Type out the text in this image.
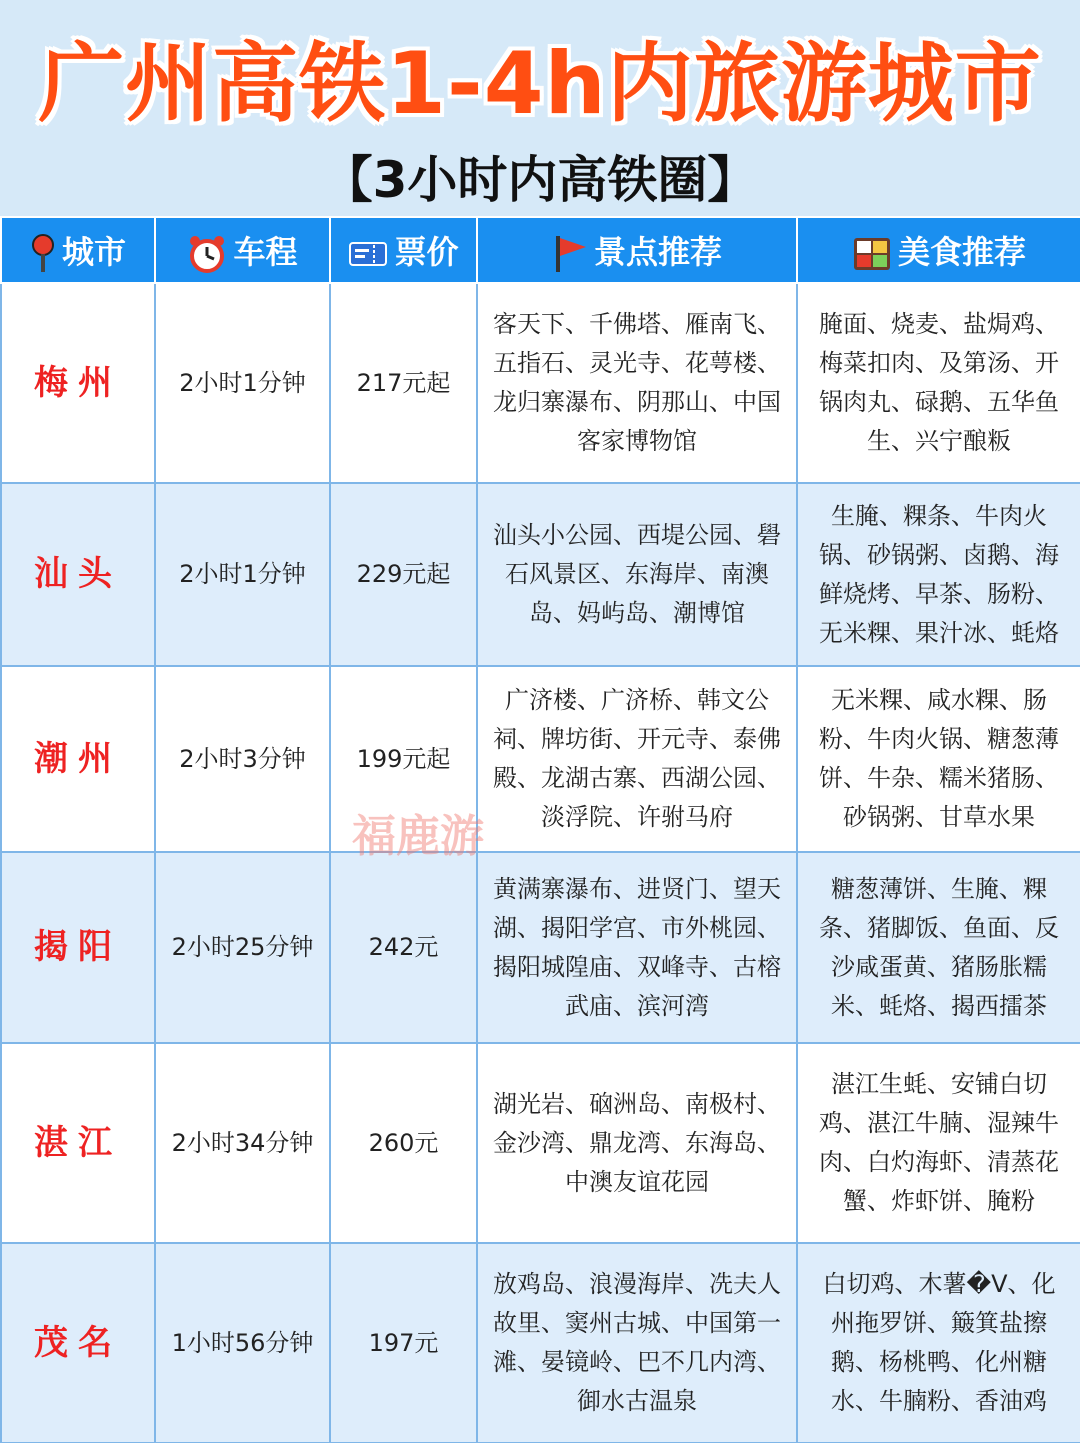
广州高铁1-4h内旅游城市
【3小时内高铁圈】
城市	车程	票价	景点推荐	美食推荐
梅州	2小时1分钟	217元起	客天下、千佛塔、雁南飞、五指石、灵光寺、花萼楼、龙归寨瀑布、阴那山、中国客家博物馆	腌面、烧麦、盐焗鸡、梅菜扣肉、及第汤、开锅肉丸、碌鹅、五华鱼生、兴宁酿粄
汕头	2小时1分钟	229元起	汕头小公园、西堤公园、礐石风景区、东海岸、南澳岛、妈屿岛、潮博馆	生腌、粿条、牛肉火锅、砂锅粥、卤鹅、海鲜烧烤、早茶、肠粉、无米粿、果汁冰、蚝烙
潮州	2小时3分钟	199元起	广济楼、广济桥、韩文公祠、牌坊街、开元寺、泰佛殿、龙湖古寨、西湖公园、淡浮院、许驸马府	无米粿、咸水粿、肠粉、牛肉火锅、糖葱薄饼、牛杂、糯米猪肠、砂锅粥、甘草水果
揭阳	2小时25分钟	242元	黄满寨瀑布、进贤门、望天湖、揭阳学宫、市外桃园、揭阳城隍庙、双峰寺、古榕武庙、滨河湾	糖葱薄饼、生腌、粿条、猪脚饭、鱼面、反沙咸蛋黄、猪肠胀糯米、蚝烙、揭西擂茶
湛江	2小时34分钟	260元	湖光岩、硇洲岛、南极村、金沙湾、鼎龙湾、东海岛、中澳友谊花园	湛江生蚝、安铺白切鸡、湛江牛腩、湿辣牛肉、白灼海虾、清蒸花蟹、炸虾饼、腌粉
茂名	1小时56分钟	197元	放鸡岛、浪漫海岸、冼夫人故里、窦州古城、中国第一滩、晏镜岭、巴不几内湾、御水古温泉	白切鸡、木薯�V、化州拖罗饼、簸箕盐擦鹅、杨桃鸭、化州糖水、牛腩粉、香油鸡
福鹿游
